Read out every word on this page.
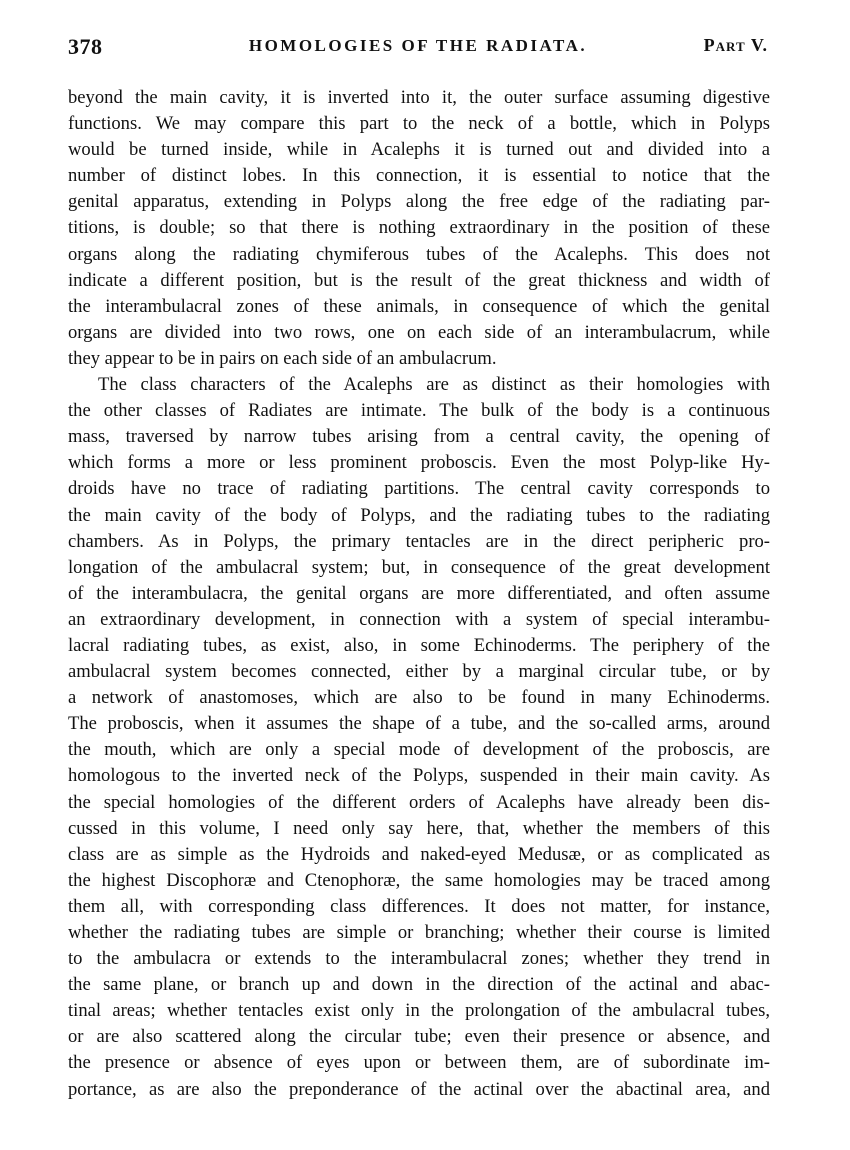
378	HOMOLOGIES OF THE RADIATA.	Part V.
beyond the main cavity, it is inverted into it, the outer surface assuming digestive
functions. We may compare this part to the neck of a bottle, which in Polyps
would be turned inside, while in Acalephs it is turned out and divided into a
number of distinct lobes. In this connection, it is essential to notice that the
genital apparatus, extending in Polyps along the free edge of the radiating par-
titions, is double; so that there is nothing extraordinary in the position of these
organs along the radiating chymiferous tubes of the Acalephs. This does not
indicate a different position, but is the result of the great thickness and width of
the interambulacral zones of these animals, in consequence of which the genital
organs are divided into two rows, one on each side of an interambulacrum, while
they appear to be in pairs on each side of an ambulacrum.
The class characters of the Acalephs are as distinct as their homologies with
the other classes of Radiates are intimate. The bulk of the body is a continuous
mass, traversed by narrow tubes arising from a central cavity, the opening of
which forms a more or less prominent proboscis. Even the most Polyp-like Hy-
droids have no trace of radiating partitions. The central cavity corresponds to
the main cavity of the body of Polyps, and the radiating tubes to the radiating
chambers. As in Polyps, the primary tentacles are in the direct peripheric pro-
longation of the ambulacral system; but, in consequence of the great development
of the interambulacra, the genital organs are more differentiated, and often assume
an extraordinary development, in connection with a system of special interambu-
lacral radiating tubes, as exist, also, in some Echinoderms. The periphery of the
ambulacral system becomes connected, either by a marginal circular tube, or by
a network of anastomoses, which are also to be found in many Echinoderms.
The proboscis, when it assumes the shape of a tube, and the so-called arms, around
the mouth, which are only a special mode of development of the proboscis, are
homologous to the inverted neck of the Polyps, suspended in their main cavity. As
the special homologies of the different orders of Acalephs have already been dis-
cussed in this volume, I need only say here, that, whether the members of this
class are as simple as the Hydroids and naked-eyed Medusæ, or as complicated as
the highest Discophoræ and Ctenophoræ, the same homologies may be traced among
them all, with corresponding class differences. It does not matter, for instance,
whether the radiating tubes are simple or branching; whether their course is limited
to the ambulacra or extends to the interambulacral zones; whether they trend in
the same plane, or branch up and down in the direction of the actinal and abac-
tinal areas; whether tentacles exist only in the prolongation of the ambulacral tubes,
or are also scattered along the circular tube; even their presence or absence, and
the presence or absence of eyes upon or between them, are of subordinate im-
portance, as are also the preponderance of the actinal over the abactinal area, and
